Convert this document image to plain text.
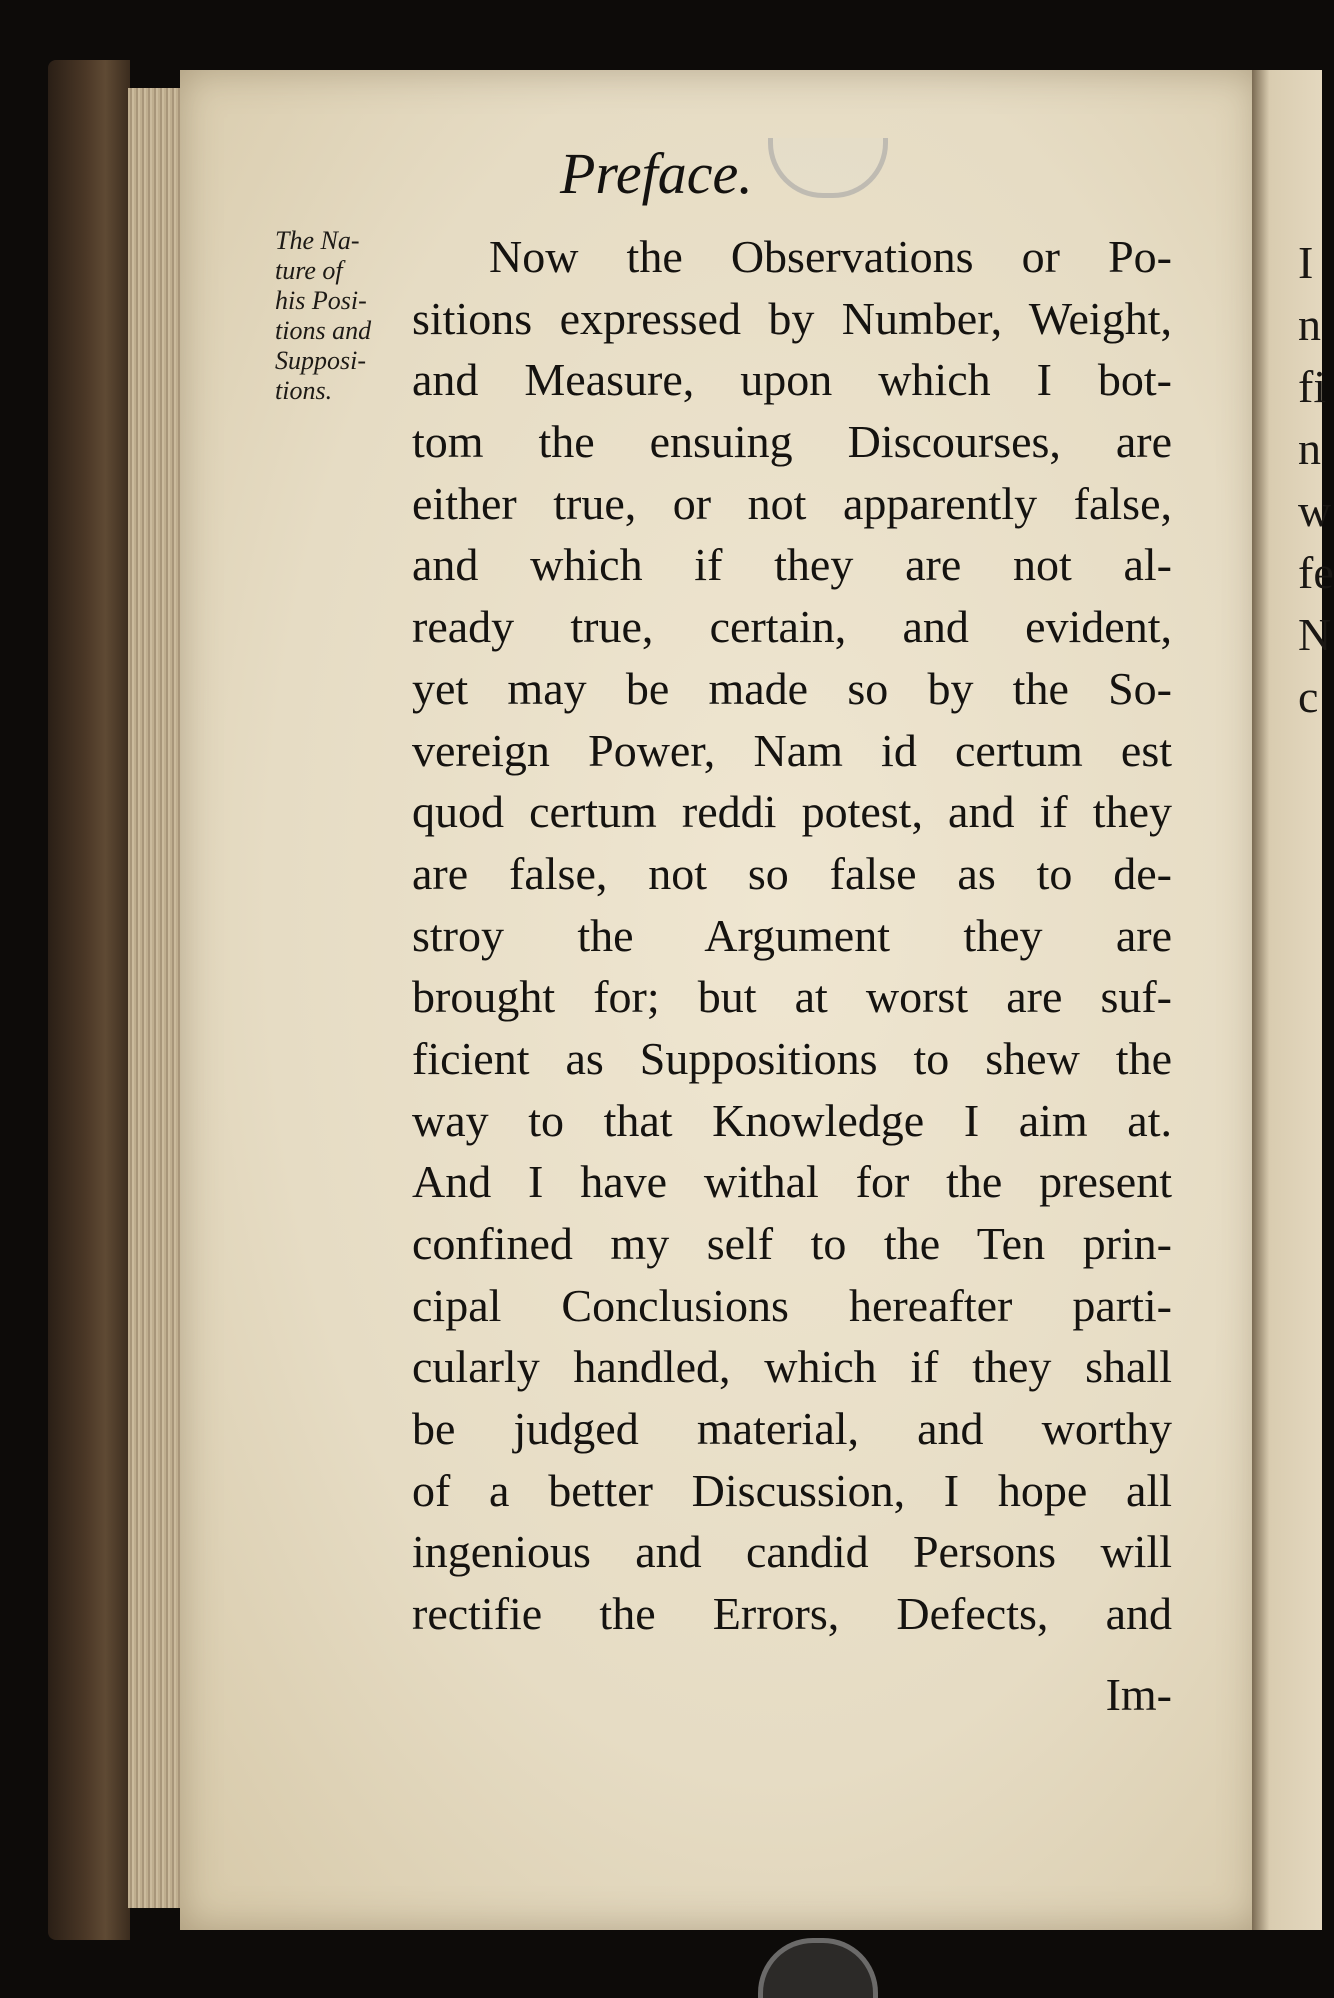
Preface.
The Na-
ture of
his Posi-
tions and
Supposi-
tions.
Now the Observations or Po-
sitions expressed by Number, Weight,
and Measure, upon which I bot-
tom the ensuing Discourses, are
either true, or not apparently false,
and which if they are not al-
ready true, certain, and evident,
yet may be made so by the So-
vereign Power, Nam id certum est
quod certum reddi potest, and if they
are false, not so false as to de-
stroy the Argument they are
brought for; but at worst are suf-
ficient as Suppositions to shew the
way to that Knowledge I aim at.
And I have withal for the present
confined my self to the Ten prin-
cipal Conclusions hereafter parti-
cularly handled, which if they shall
be judged material, and worthy
of a better Discussion, I hope all
ingenious and candid Persons will
rectifie the Errors, Defects, and
Im-
I
n
fi
n
w
fe
N
c
